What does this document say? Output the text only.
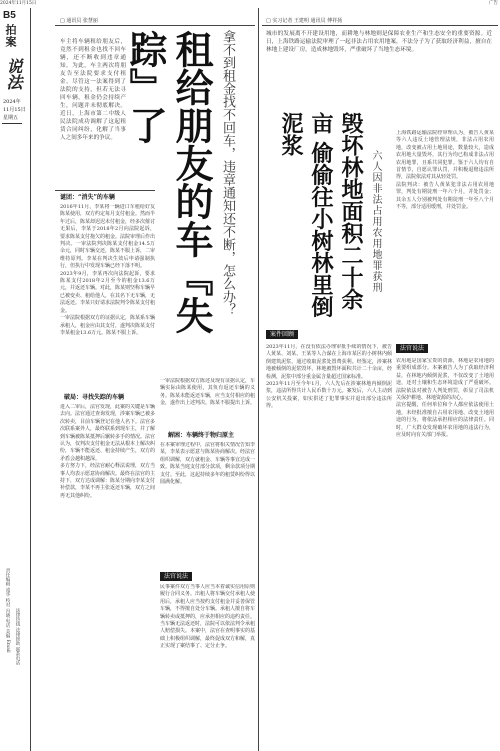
2024年11月15日	广告
B5
拍案
说法
2024年
11月15日
星期五
责任编辑 凌华 校对 冯晓 电话 美编 Email 法律热线 法律援助 联系电话
□ 通讯员 张慧丽
车主将车辆租给朋友后，竟然不到租金也找不回车辆，还不断收到违章通知。为此，车主两次将朋友告至法院要求支付租金。尽管这一法案得到了法院的支持，但若无法寻回车辆，租金仍会持续产生，问题并未彻底解决。近日，上海市第二中级人民法院成功调解了这起租赁合同纠纷，化解了当事人之间多年来的争议。 租给朋友的车『失踪』了	拿不到租金找不回车，违章通知还不断，怎么办？
谜团：“消失”的车辆
2016年11月，李某将一辆进口车租给好友陈某使用，双方约定每月支付租金。然而半年过后，陈某却迟迟未付租金，经多次催讨无果后，李某于2018年2月向法院起诉，要求陈某支付拖欠的租金。法院审理后作出判决。一审法院判决陈某支付租金14.5万余元，同时车辆交还，陈某不服上诉，二审维持原判。李某在判决生效后申请强制执行，但执行中发现车辆已经下落不明。
2023年9月，李某再次向法院起诉，要求陈某支付2018年2月至今的租金13.6万元，并返还车辆。对此，陈某则坚称车辆早已被变卖、租给他人，在其名下无车辆，无法返还。李某只好请求法院判令陈某支付租金。
一审法院根据双方的证据认定，陈某系车辆承租人，租金应由其支付，遂判决陈某支付李某租金13.6万元。陈某不服上诉。
破局：寻找失踪的车辆
进入二审后，法官发现，此案的关键是车辆去向。法官通过查询发现，涉案车辆已被多次转卖，目前车辆登记在他人名下。法官多次联系案外人，最终联系到现车主，并了解到车辆被陈某抵押后辗转多手的情况。法官认为，仅判决支付租金无法从根本上解决纠纷，车辆不能返还、租金持续产生，双方的矛盾会越积越深。
多方努力下，经法官耐心释法说理，双方当事人均表示愿意协商解决。最终在法官的主持下，双方达成调解：陈某分期向李某支付补偿款，李某不再主张返还车辆，双方之间再无其他纠纷。
一审法院根据双方陈述及现有证据认定，车辆实际由陈某使用，其负有返还车辆的义务。陈某未能返还车辆，应当支付相应的租金，遂作出上述判决。陈某不服提出上诉。
解困：车辆终于物归原主
在本案审理过程中，法官将相关情况告知李某，李某表示愿意与陈某协商解决。经法官组织调解，双方就租金、车辆等事宜达成一致。陈某当庭支付部分款项，剩余款项分期支付。至此，这起持续多年的租赁纠纷得以圆满化解。
法官说法
民事案件双方当事人应当本着诚实信用原则履行合同义务。出租人将车辆交付承租人使用后，承租人应当按约支付租金并妥善保管车辆，不得擅自处分车辆。承租人擅自将车辆转卖或抵押的，应承担相应的违约责任。当车辆无法返还时，法院可以依法判令承租人赔偿损失。本案中，法官在查明事实的基础上积极组织调解，最终促成双方和解，真正实现了案结事了、定分止争。
□ 实习记者 王建明 通讯员 傅祥扬
城市的发展离不开建设用地，而耕地与林地则是保障农业生产和生态安全的重要资源。近日，上海铁路运输法院审理了一起非法占用农用地案，不法分子为了获取经济利益，擅自在林地上建设厂房，造成林地毁坏，严重破坏了当地生态环境。
六人因非法占用农用地罪获刑
毁坏林地面积二十余亩 偷偷往小树林里倒泥浆	上海铁路运输法院经审理认为，被告人黄某等六人违反土地管理法规，非法占用农用地，改变被占用土地用途，数量较大，造成农用地大量毁坏，其行为均已构成非法占用农用地罪，且系共同犯罪。鉴于六人均有自首情节，自愿认罪认罚，并积极退赔违法所得，法院依法对其从轻处罚。
法院判决：被告人黄某犯非法占用农用地罪，判处有期徒刑一年六个月，并处罚金；其余五人分别被判处有期徒刑一年至八个月不等，部分适用缓刑，并处罚金。
案件回顾
2023年11月，在没有依法办理审批手续的情况下，被告人黄某、刘某、王某等人合谋在上海市某区的小树林内倾倒建筑泥浆，通过收取泥浆处置费获利。经鉴定，涉案林地被倾倒的泥浆毁坏，林地被毁坏面积共计二十余亩，经检测，泥浆中部分重金属含量超过国家标准。
2023年11月至今年1月，六人先后在涉案林地内倾倒泥浆，违法所得共计人民币数十万元。案发后，六人主动到公安机关投案，如实供述了犯罪事实并退出部分违法所得。
法官说法
农用地是国家宝贵的资源，林地是农用地的重要组成部分。本案被告人为了获取经济利益，在林地内倾倒泥浆，不仅改变了土地用途，还对土壤和生态环境造成了严重破坏。法院依法对被告人判处刑罚，彰显了司法机关保护耕地、林地资源的决心。
法官提醒，任何单位和个人都应依法使用土地，未经批准擅自占用农用地、改变土地用途的行为，将依法承担相应的法律责任。同时，广大群众发现破坏农用地的违法行为，应及时向有关部门举报。
